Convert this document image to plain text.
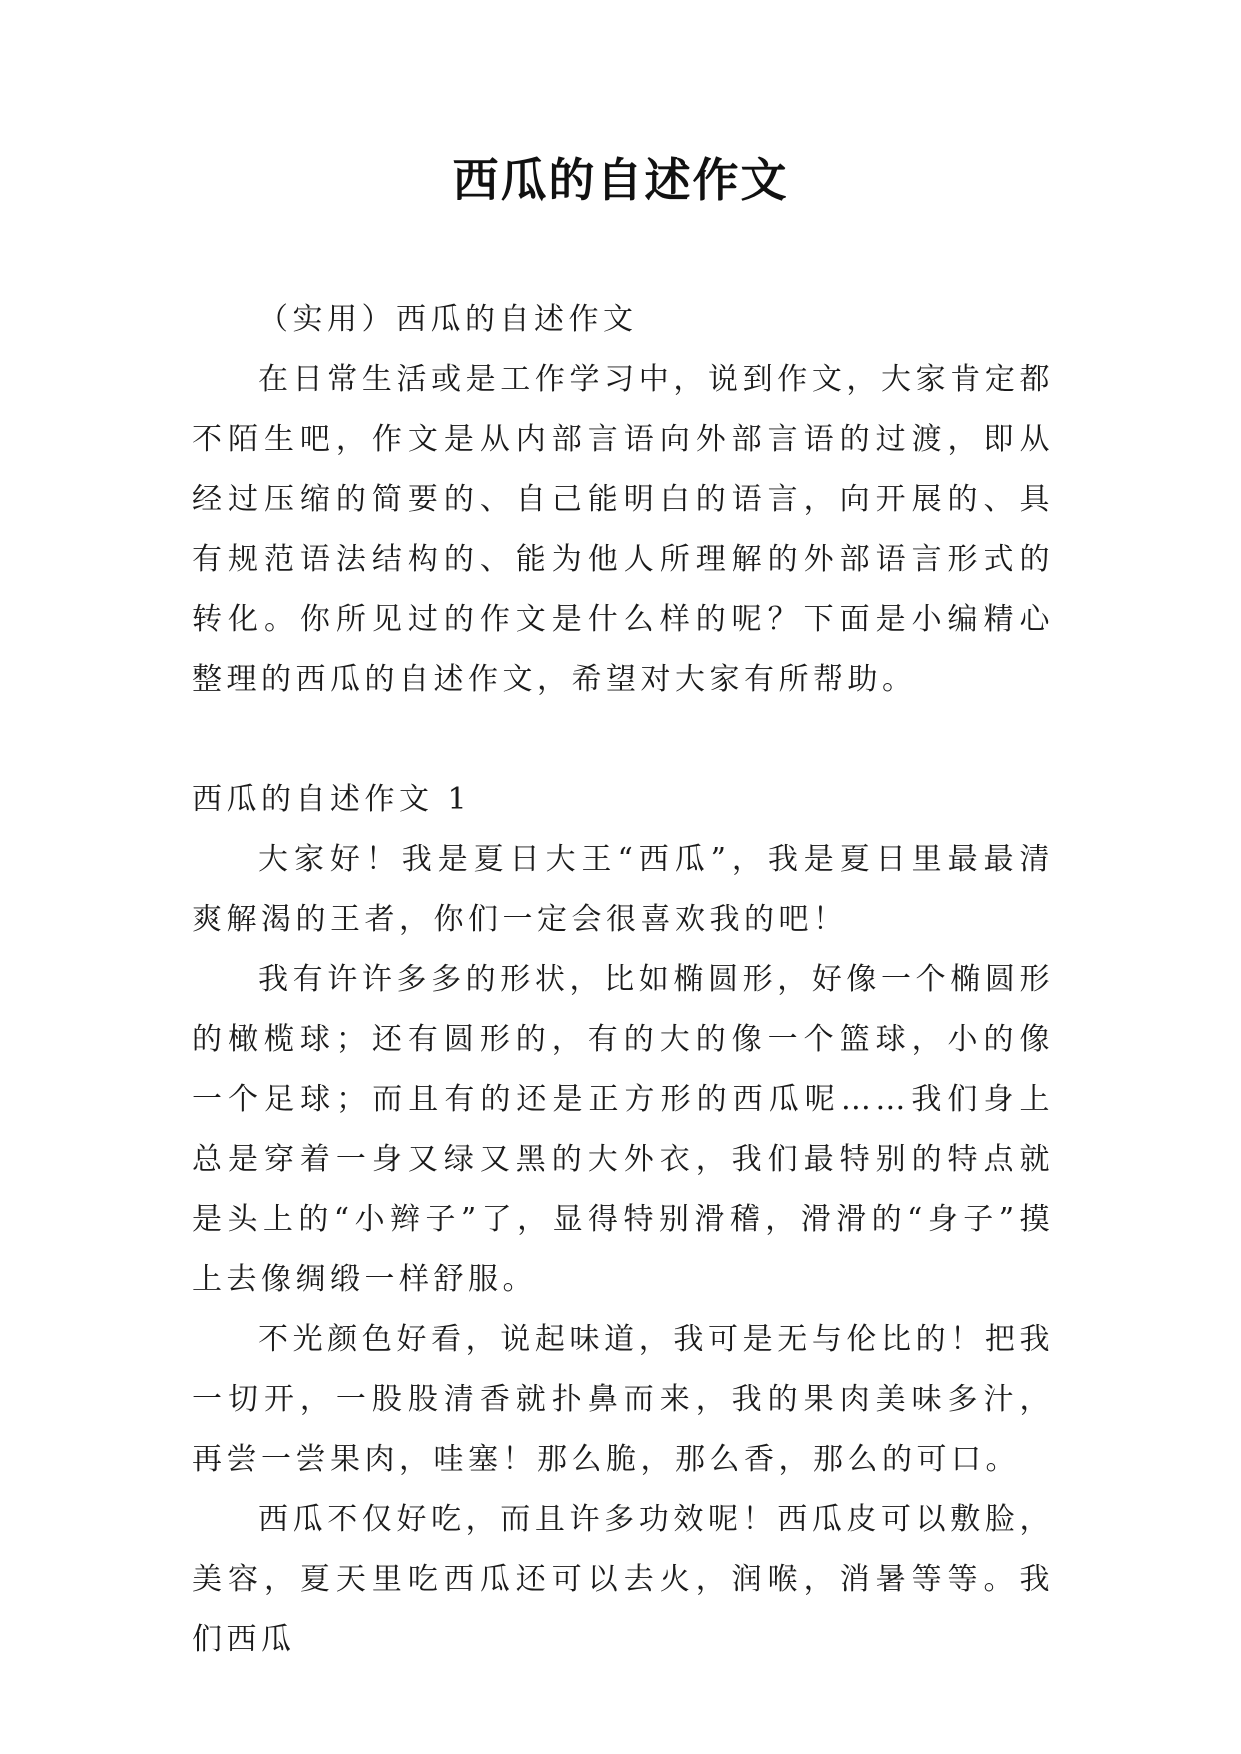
西瓜的自述作文

（实用）西瓜的自述作文

在日常生活或是工作学习中，说到作文，大家肯定都不陌生吧，作文是从内部言语向外部言语的过渡，即从经过压缩的简要的、自己能明白的语言，向开展的、具有规范语法结构的、能为他人所理解的外部语言形式的转化。你所见过的作文是什么样的呢？下面是小编精心整理的西瓜的自述作文，希望对大家有所帮助。

西瓜的自述作文 1

大家好！我是夏日大王“西瓜”，我是夏日里最最清爽解渴的王者，你们一定会很喜欢我的吧！

我有许许多多的形状，比如椭圆形，好像一个椭圆形的橄榄球；还有圆形的，有的大的像一个篮球，小的像一个足球；而且有的还是正方形的西瓜呢……我们身上总是穿着一身又绿又黑的大外衣，我们最特别的特点就是头上的“小辫子”了，显得特别滑稽，滑滑的“身子”摸上去像绸缎一样舒服。

不光颜色好看，说起味道，我可是无与伦比的！把我一切开，一股股清香就扑鼻而来，我的果肉美味多汁，再尝一尝果肉，哇塞！那么脆，那么香，那么的可口。

西瓜不仅好吃，而且许多功效呢！西瓜皮可以敷脸，美容，夏天里吃西瓜还可以去火，润喉，消暑等等。我们西瓜
